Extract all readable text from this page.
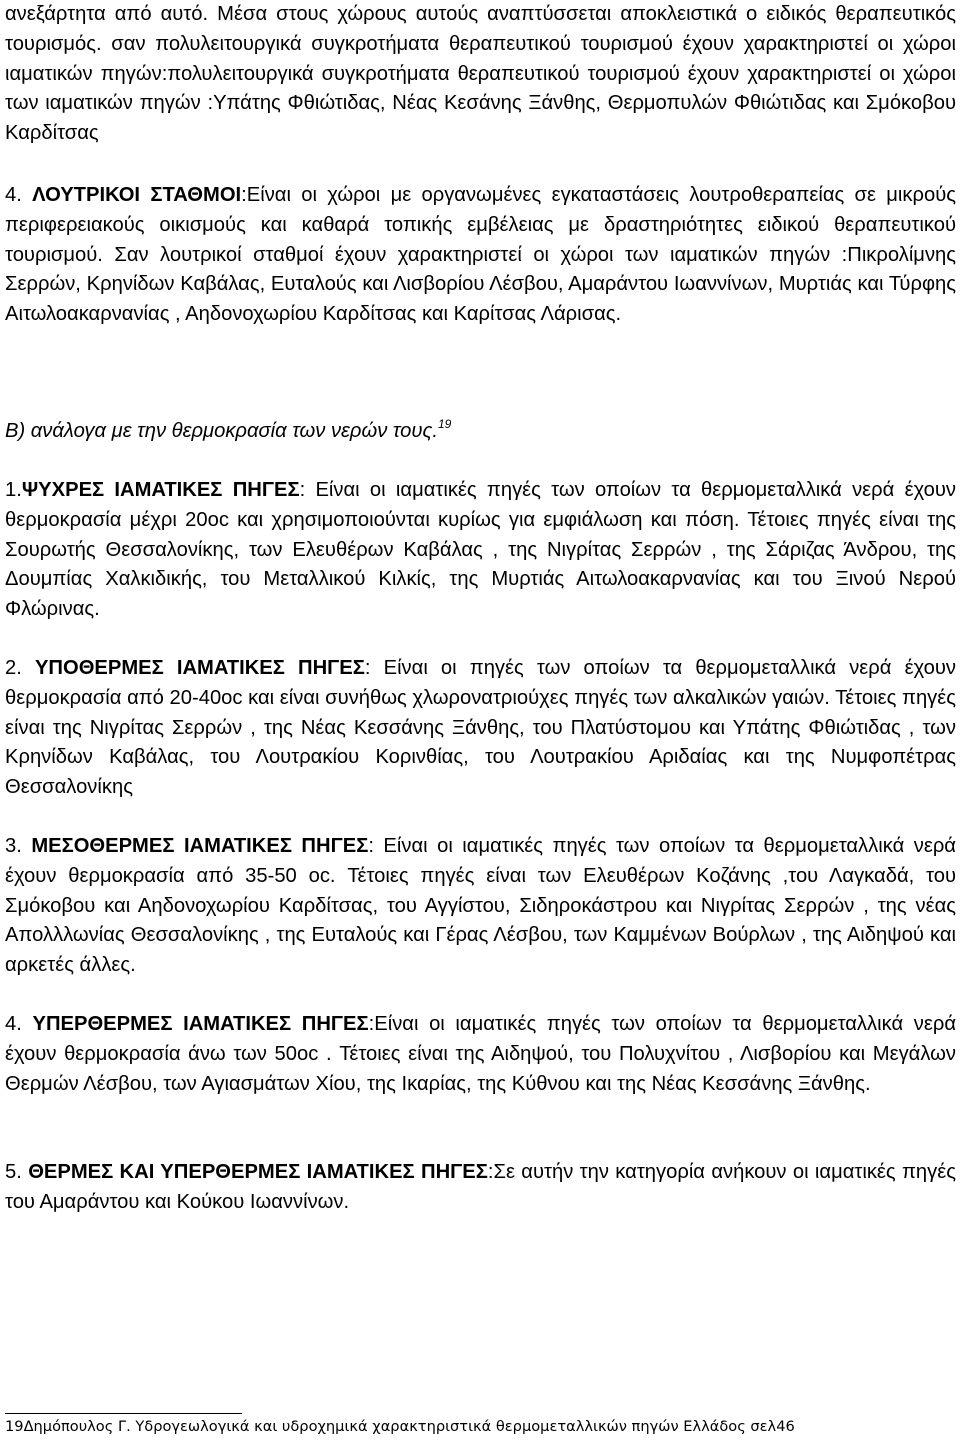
ανεξάρτητα από αυτό. Μέσα στους χώρους αυτούς αναπτύσσεται αποκλειστικά ο ειδικός θεραπευτικός τουρισμός. σαν πολυλειτουργικά συγκροτήματα θεραπευτικού τουρισμού έχουν χαρακτηριστεί οι χώροι ιαματικών πηγών:πολυλειτουργικά συγκροτήματα θεραπευτικού τουρισμού έχουν χαρακτηριστεί οι χώροι των ιαματικών πηγών :Υπάτης Φθιώτιδας, Νέας Κεσάνης Ξάνθης, Θερμοπυλών Φθιώτιδας και Σμόκοβου Καρδίτσας

4. ΛΟΥΤΡΙΚΟΙ ΣΤΑΘΜΟΙ:Είναι οι χώροι με οργανωμένες εγκαταστάσεις λουτροθεραπείας σε μικρούς περιφερειακούς οικισμούς και καθαρά τοπικής εμβέλειας με δραστηριότητες ειδικού θεραπευτικού τουρισμού. Σαν λουτρικοί σταθμοί έχουν χαρακτηριστεί οι χώροι των ιαματικών πηγών :Πικρολίμνης Σερρών, Κρηνίδων Καβάλας, Ευταλούς και Λισβορίου Λέσβου, Αμαράντου Ιωαννίνων, Μυρτιάς και Τύρφης Αιτωλοακαρνανίας , Αηδονοχωρίου Καρδίτσας και Καρίτσας Λάρισας.

Β) ανάλογα με την θερμοκρασία των νερών τους.$^{19}$

1.ΨΥΧΡΕΣ ΙΑΜΑΤΙΚΕΣ ΠΗΓΕΣ: Είναι οι ιαματικές πηγές των οποίων τα θερμομεταλλικά νερά έχουν θερμοκρασία μέχρι 20oc και χρησιμοποιούνται κυρίως για εμφιάλωση και πόση. Τέτοιες πηγές είναι της Σουρωτής Θεσσαλονίκης, των Ελευθέρων Καβάλας , της Νιγρίτας Σερρών , της Σάριζας Άνδρου, της Δουμπίας Χαλκιδικής, του Μεταλλικού Κιλκίς, της Μυρτιάς Αιτωλοακαρνανίας και του Ξινού Νερού Φλώρινας.

2. ΥΠΟΘΕΡΜΕΣ ΙΑΜΑΤΙΚΕΣ ΠΗΓΕΣ: Είναι οι πηγές των οποίων τα θερμομεταλλικά νερά έχουν θερμοκρασία από 20-40oc και είναι συνήθως χλωρονατριούχες πηγές των αλκαλικών γαιών. Τέτοιες πηγές είναι της Νιγρίτας Σερρών , της Νέας Κεσσάνης Ξάνθης, του Πλατύστομου και Υπάτης Φθιώτιδας , των Κρηνίδων Καβάλας, του Λουτρακίου Κορινθίας, του Λουτρακίου Αριδαίας και της Νυμφοπέτρας Θεσσαλονίκης

3. ΜΕΣΟΘΕΡΜΕΣ ΙΑΜΑΤΙΚΕΣ ΠΗΓΕΣ: Είναι οι ιαματικές πηγές των οποίων τα θερμομεταλλικά νερά έχουν θερμοκρασία από 35-50 oc. Τέτοιες πηγές είναι των Ελευθέρων Κοζάνης ,του Λαγκαδά, του Σμόκοβου και Αηδονοχωρίου Καρδίτσας, του Αγγίστου, Σιδηροκάστρου και Νιγρίτας Σερρών , της νέας Απολλλωνίας Θεσσαλονίκης , της Ευταλούς και Γέρας Λέσβου, των Καμμένων Βούρλων , της Αιδηψού και αρκετές άλλες.

4. ΥΠΕΡΘΕΡΜΕΣ ΙΑΜΑΤΙΚΕΣ ΠΗΓΕΣ:Είναι οι ιαματικές πηγές των οποίων τα θερμομεταλλικά νερά έχουν θερμοκρασία άνω των 50oc . Τέτοιες είναι της Αιδηψού, του Πολυχνίτου , Λισβορίου και Μεγάλων Θερμών Λέσβου, των Αγιασμάτων Χίου, της Ικαρίας, της Κύθνου και της Νέας Κεσσάνης Ξάνθης.

5. ΘΕΡΜΕΣ ΚΑΙ ΥΠΕΡΘΕΡΜΕΣ ΙΑΜΑΤΙΚΕΣ ΠΗΓΕΣ:Σε αυτήν την κατηγορία ανήκουν οι ιαματικές πηγές του Αμαράντου και Κούκου Ιωαννίνων.

19Δημόπουλος Γ. Υδρογεωλογικά και υδροχημικά χαρακτηριστικά θερμομεταλλικών πηγών Ελλάδος σελ46
